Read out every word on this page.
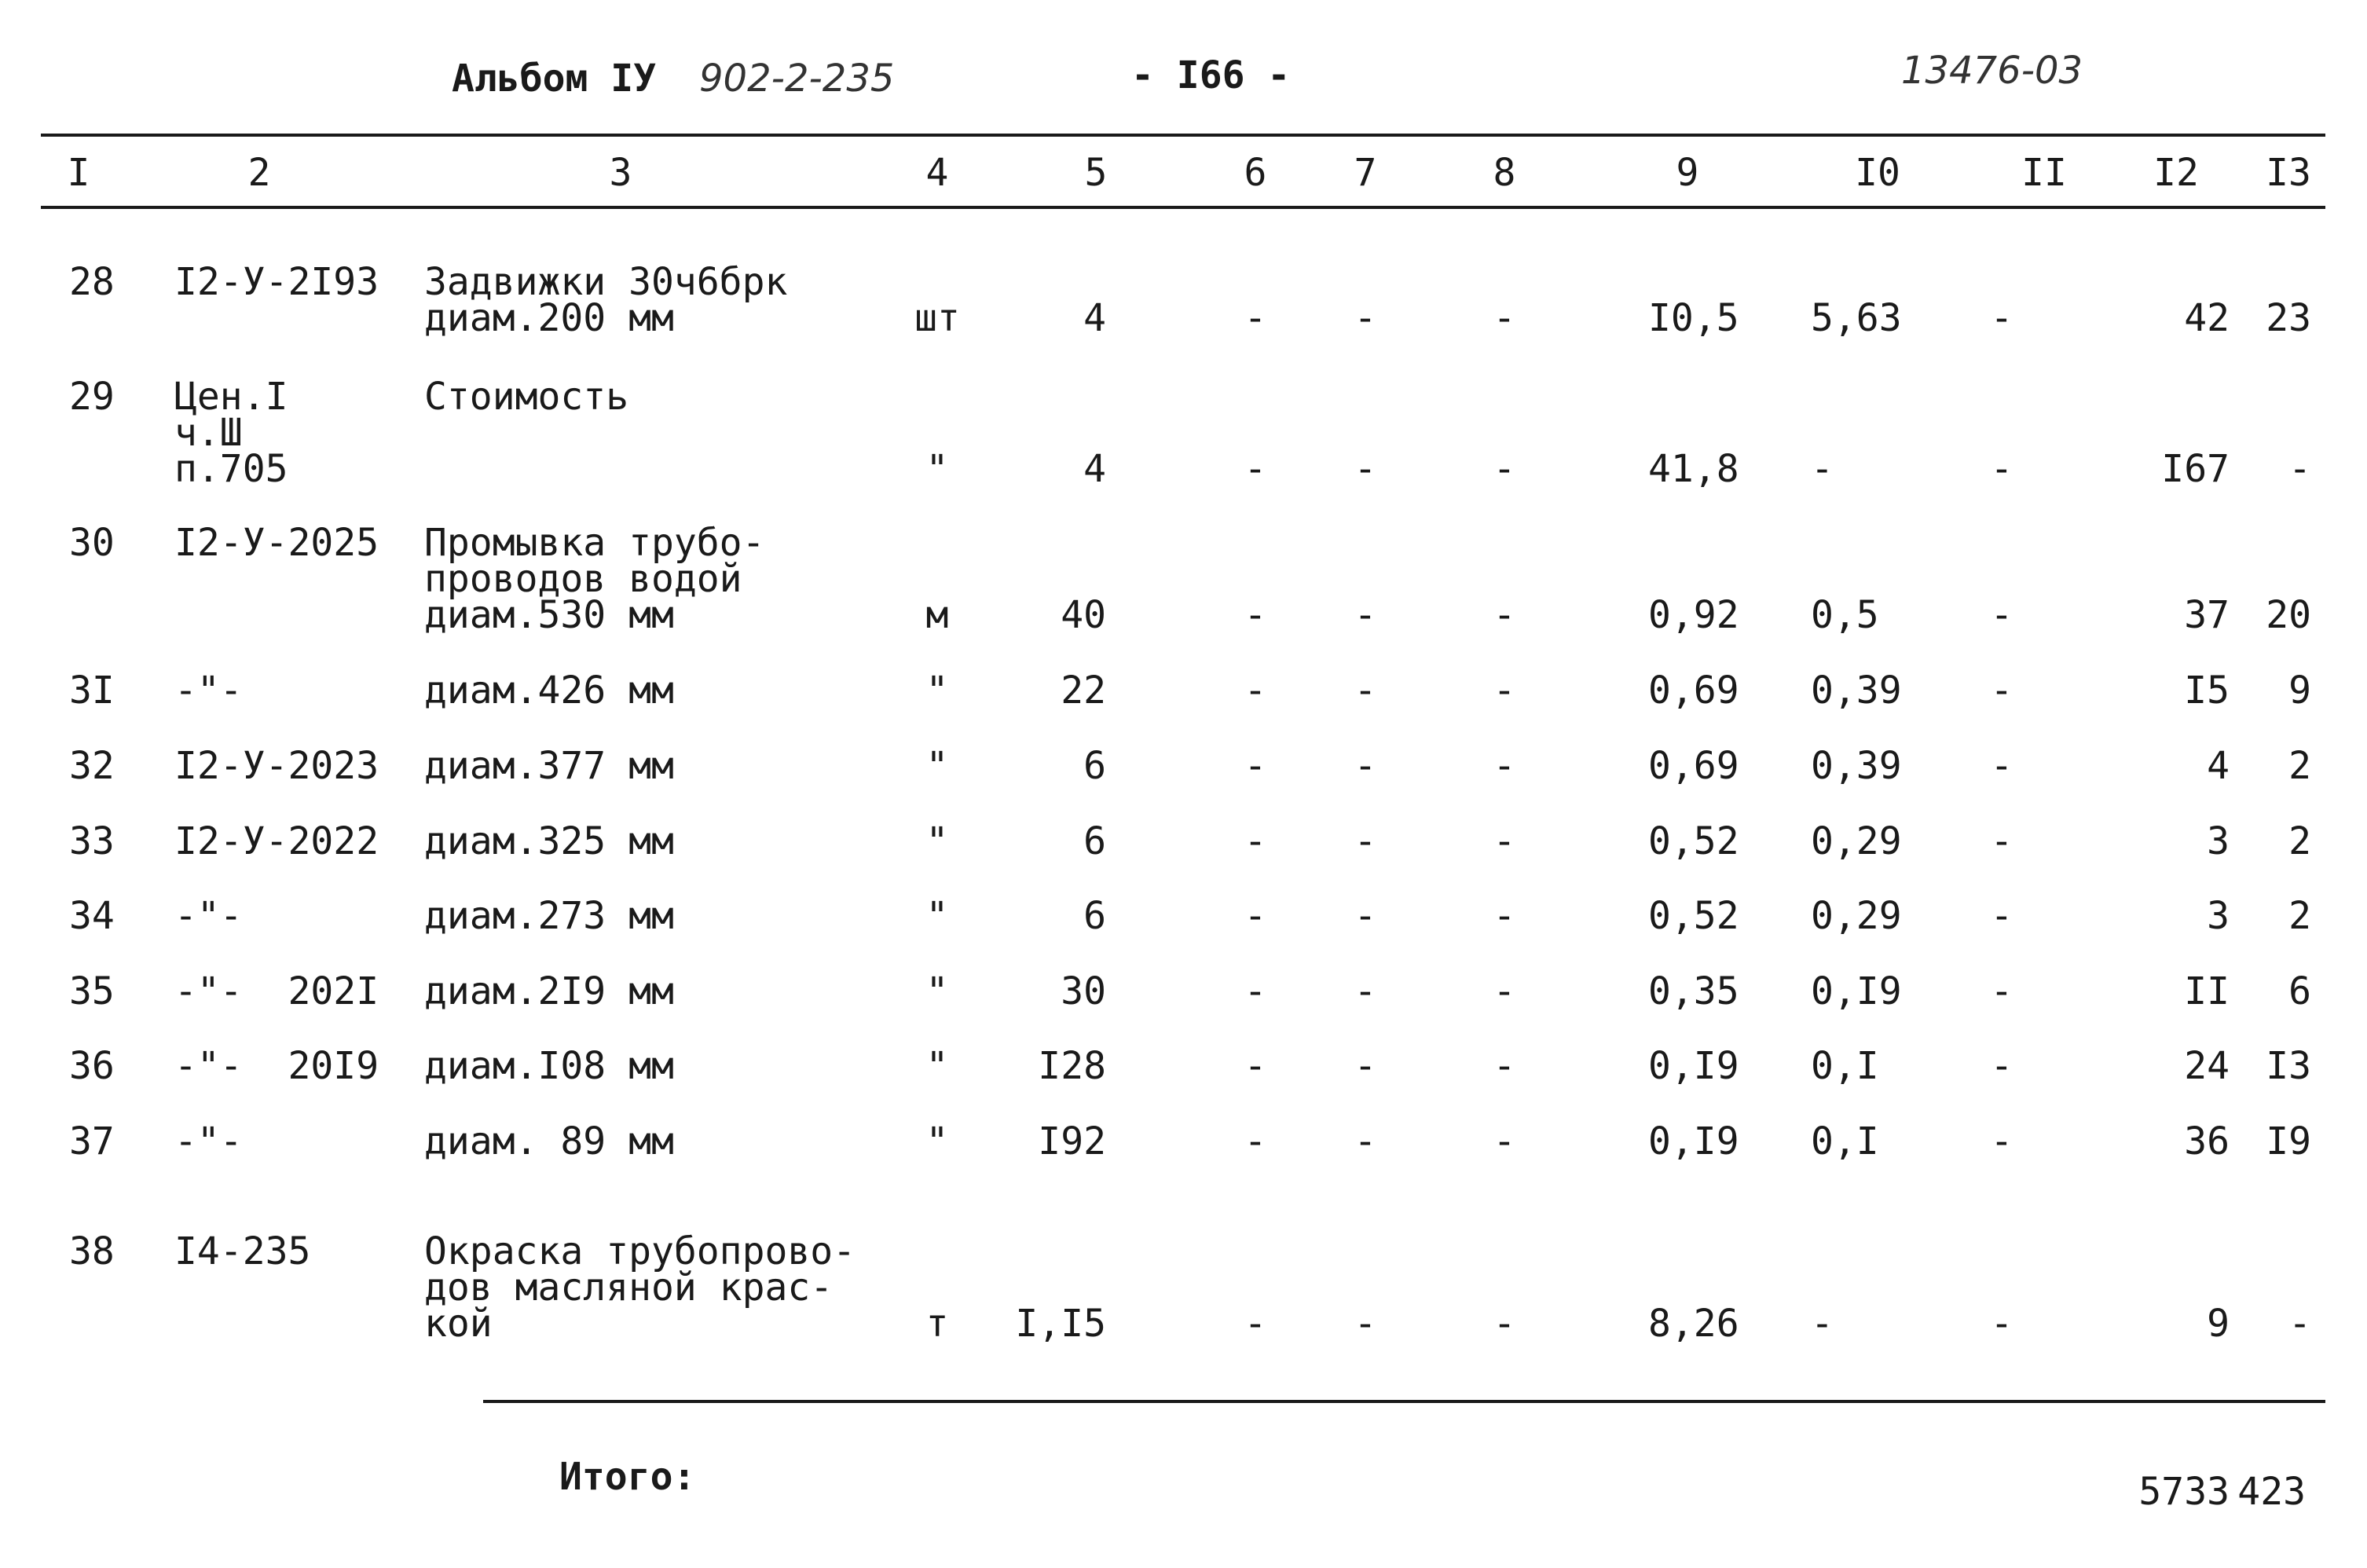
Альбом IУ 902-2-235	- I66 -	13476-03
I	2	3	4	5	6 7	8	9	I0	II I2 I3
28 I2-У-2I93 Задвижки 30ч6брк
диам.200 мм	шт	4	- -	-	I0,5 5,63 -	42 23
29 Цен.I
ч.Ш
п.705
Стоимость
"	4	- -	-	41,8 -	-	I67 -
30 I2-У-2025 Промывка трубо-
проводов водой
диам.530 мм	м	40	- -	-	0,92 0,5	-	37 20
3I -"-	диам.426 мм	"	22	- -	-	0,69 0,39 -	I5 9
32 I2-У-2023 диам.377 мм	"	6	- -	-	0,69 0,39 -	4 2
33 I2-У-2022 диам.325 мм	"	6	- -	-	0,52 0,29 -	3 2
34 -"-	диам.273 мм	"	6	- -	-	0,52 0,29 -	3 2
35 -"-  202I диам.2I9 мм	"	30	- -	-	0,35 0,I9 -	II 6
36 -"-  20I9 диам.I08 мм	" I28	- -	-	0,I9 0,I	-	24 I3
37 -"-	диам. 89 мм	" I92	- -	-	0,I9 0,I	-	36 I9
38 I4-235	Окраска трубопрово-
дов масляной крас-
кой	т I,I5	- -	-	8,26 -	-	9 -
Итого:	5733 423
